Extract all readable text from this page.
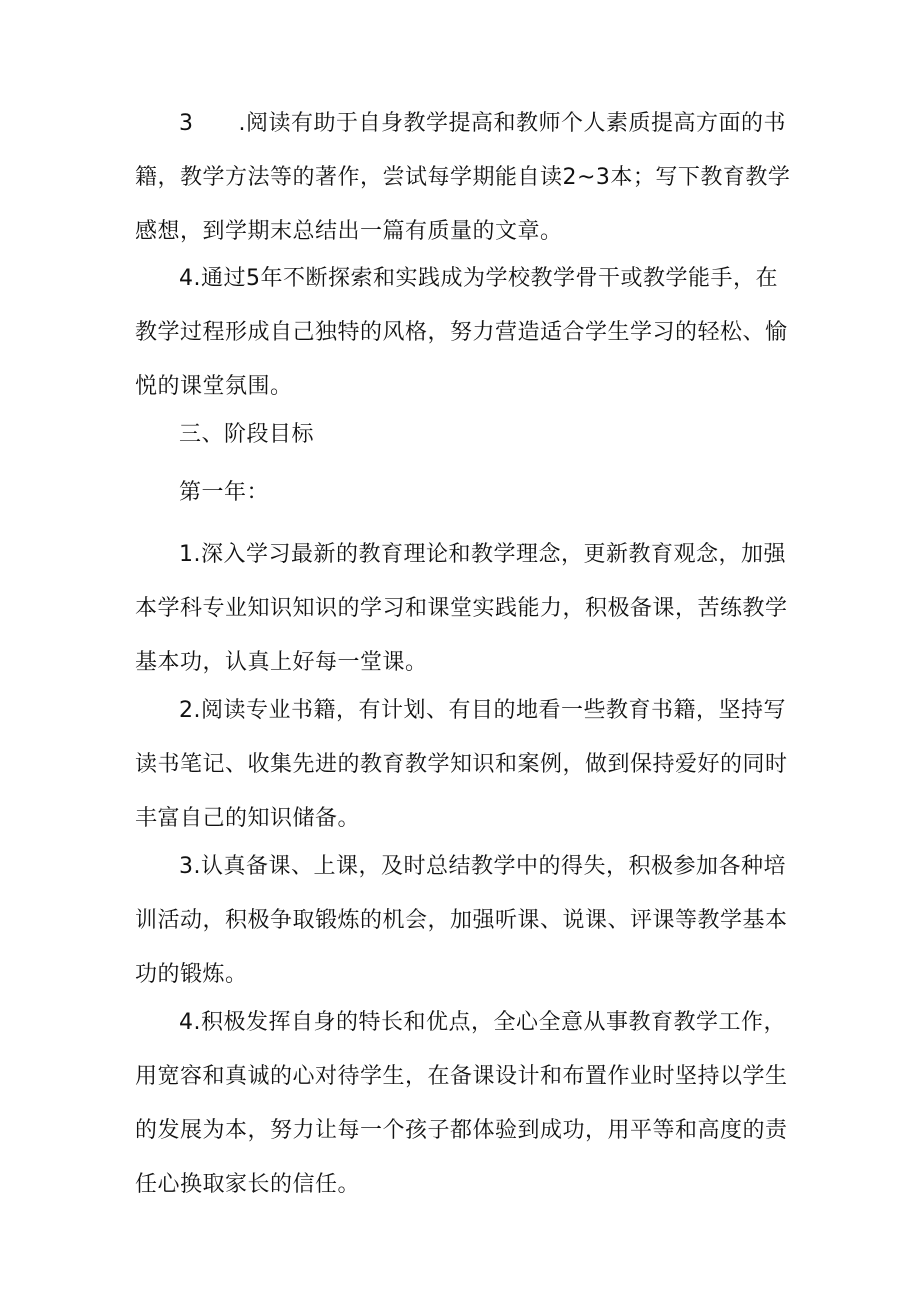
3　　.阅读有助于自身教学提高和教师个人素质提高方面的书籍，教学方法等的著作，尝试每学期能自读2~3本；写下教育教学感想，到学期末总结出一篇有质量的文章。

4.通过5年不断探索和实践成为学校教学骨干或教学能手，在教学过程形成自己独特的风格，努力营造适合学生学习的轻松、愉悦的课堂氛围。

三、阶段目标

第一年：

1.深入学习最新的教育理论和教学理念，更新教育观念，加强本学科专业知识知识的学习和课堂实践能力，积极备课，苦练教学基本功，认真上好每一堂课。

2.阅读专业书籍，有计划、有目的地看一些教育书籍，坚持写读书笔记、收集先进的教育教学知识和案例，做到保持爱好的同时丰富自己的知识储备。

3.认真备课、上课，及时总结教学中的得失，积极参加各种培训活动，积极争取锻炼的机会，加强听课、说课、评课等教学基本功的锻炼。

4.积极发挥自身的特长和优点，全心全意从事教育教学工作，用宽容和真诚的心对待学生，在备课设计和布置作业时坚持以学生的发展为本，努力让每一个孩子都体验到成功，用平等和高度的责任心换取家长的信任。
